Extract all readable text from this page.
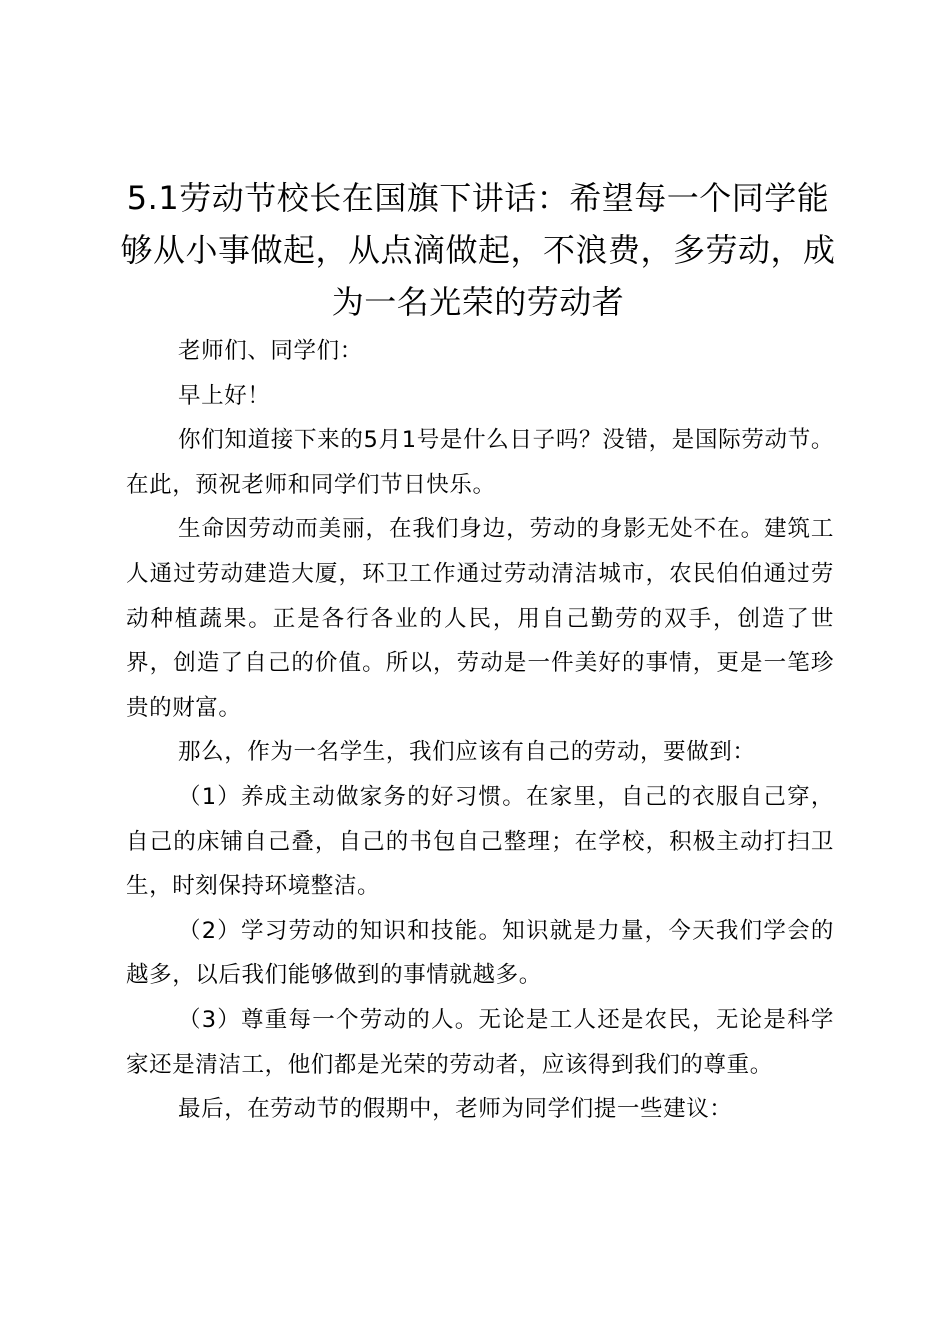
5.1劳动节校长在国旗下讲话：希望每一个同学能够从小事做起，从点滴做起，不浪费，多劳动，成为一名光荣的劳动者

老师们、同学们：

早上好！

你们知道接下来的5月1号是什么日子吗？没错，是国际劳动节。在此，预祝老师和同学们节日快乐。

生命因劳动而美丽，在我们身边，劳动的身影无处不在。建筑工人通过劳动建造大厦，环卫工作通过劳动清洁城市，农民伯伯通过劳动种植蔬果。正是各行各业的人民，用自己勤劳的双手，创造了世界，创造了自己的价值。所以，劳动是一件美好的事情，更是一笔珍贵的财富。

那么，作为一名学生，我们应该有自己的劳动，要做到：

（1）养成主动做家务的好习惯。在家里，自己的衣服自己穿，自己的床铺自己叠，自己的书包自己整理；在学校，积极主动打扫卫生，时刻保持环境整洁。

（2）学习劳动的知识和技能。知识就是力量，今天我们学会的越多，以后我们能够做到的事情就越多。

（3）尊重每一个劳动的人。无论是工人还是农民，无论是科学家还是清洁工，他们都是光荣的劳动者，应该得到我们的尊重。

最后，在劳动节的假期中，老师为同学们提一些建议：
